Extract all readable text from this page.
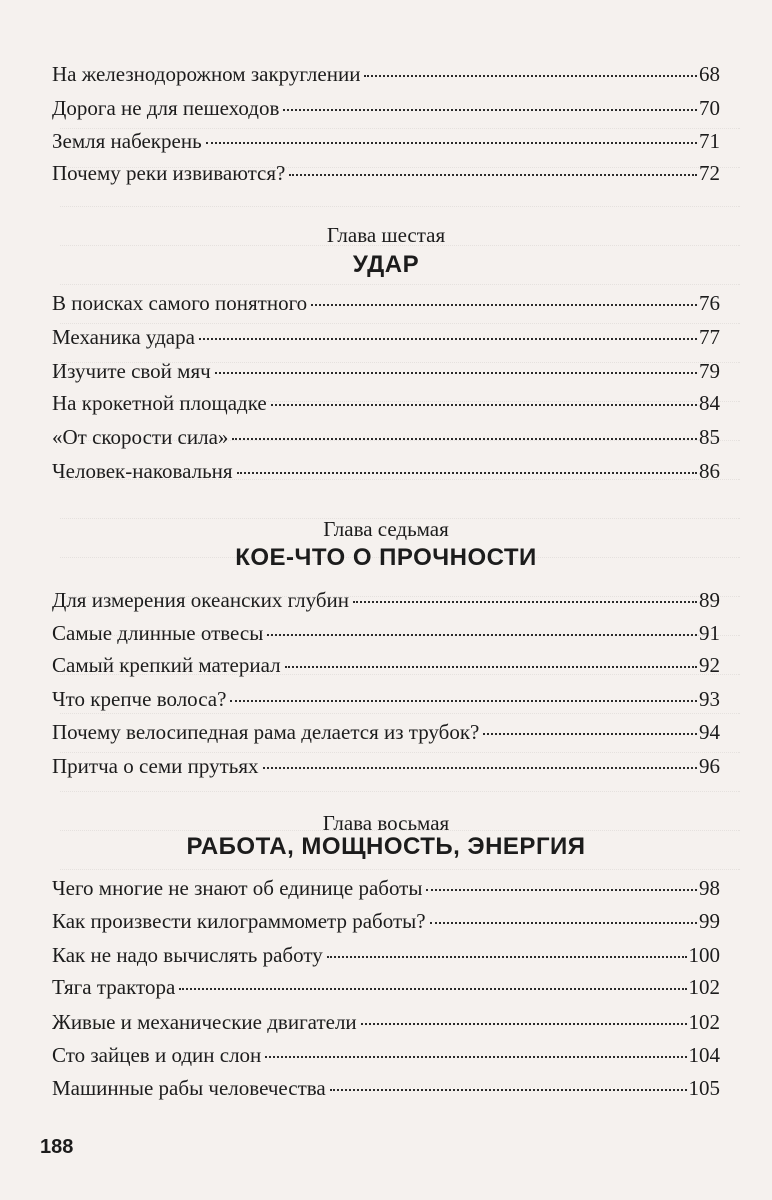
На железнодорожном закруглении	68
Дорога не для пешеходов	70
Земля набекрень	71
Почему реки извиваются?	72
Глава шестая
УДАР
В поисках самого понятного	76
Механика удара	77
Изучите свой мяч	79
На крокетной площадке	84
«От скорости сила»	85
Человек-наковальня	86
Глава седьмая
КОЕ-ЧТО О ПРОЧНОСТИ
Для измерения океанских глубин	89
Самые длинные отвесы	91
Самый крепкий материал	92
Что крепче волоса?	93
Почему велосипедная рама делается из трубок?	94
Притча о семи прутьях	96
Глава восьмая
РАБОТА, МОЩНОСТЬ, ЭНЕРГИЯ
Чего многие не знают об единице работы	98
Как произвести килограммометр работы?	99
Как не надо вычислять работу	100
Тяга трактора	102
Живые и механические двигатели	102
Сто зайцев и один слон	104
Машинные рабы человечества	105
188
